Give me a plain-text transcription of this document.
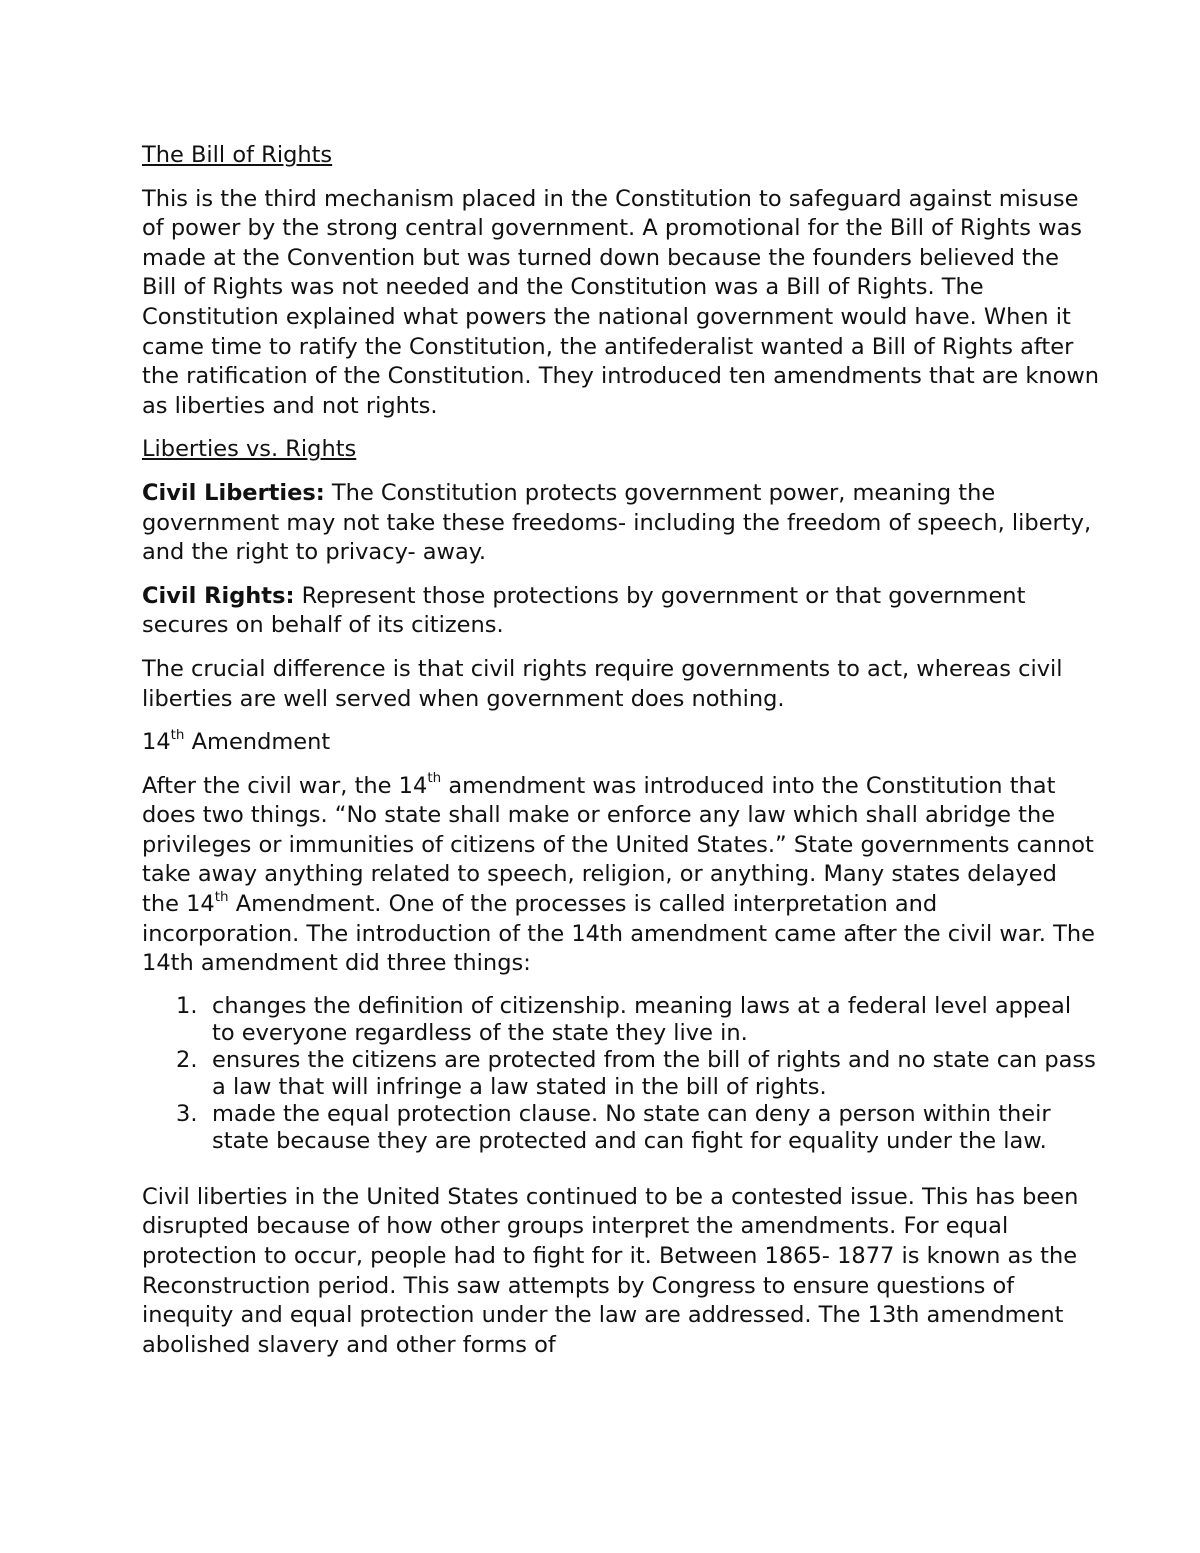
The Bill of Rights

This is the third mechanism placed in the Constitution to safeguard against misuse of power by the strong central government. A promotional for the Bill of Rights was made at the Convention but was turned down because the founders believed the Bill of Rights was not needed and the Constitution was a Bill of Rights. The Constitution explained what powers the national government would have. When it came time to ratify the Constitution, the antifederalist wanted a Bill of Rights after the ratification of the Constitution. They introduced ten amendments that are known as liberties and not rights.

Liberties vs. Rights

Civil Liberties: The Constitution protects government power, meaning the government may not take these freedoms- including the freedom of speech, liberty, and the right to privacy- away.

Civil Rights: Represent those protections by government or that government secures on behalf of its citizens.

The crucial difference is that civil rights require governments to act, whereas civil liberties are well served when government does nothing.

14th Amendment

After the civil war, the 14th amendment was introduced into the Constitution that does two things. “No state shall make or enforce any law which shall abridge the privileges or immunities of citizens of the United States.” State governments cannot take away anything related to speech, religion, or anything. Many states delayed the 14th Amendment. One of the processes is called interpretation and incorporation. The introduction of the 14th amendment came after the civil war. The 14th amendment did three things:

1. changes the definition of citizenship. meaning laws at a federal level appeal to everyone regardless of the state they live in.
2. ensures the citizens are protected from the bill of rights and no state can pass a law that will infringe a law stated in the bill of rights.
3. made the equal protection clause. No state can deny a person within their state because they are protected and can fight for equality under the law.

Civil liberties in the United States continued to be a contested issue. This has been disrupted because of how other groups interpret the amendments. For equal protection to occur, people had to fight for it. Between 1865- 1877 is known as the Reconstruction period. This saw attempts by Congress to ensure questions of inequity and equal protection under the law are addressed. The 13th amendment abolished slavery and other forms of
